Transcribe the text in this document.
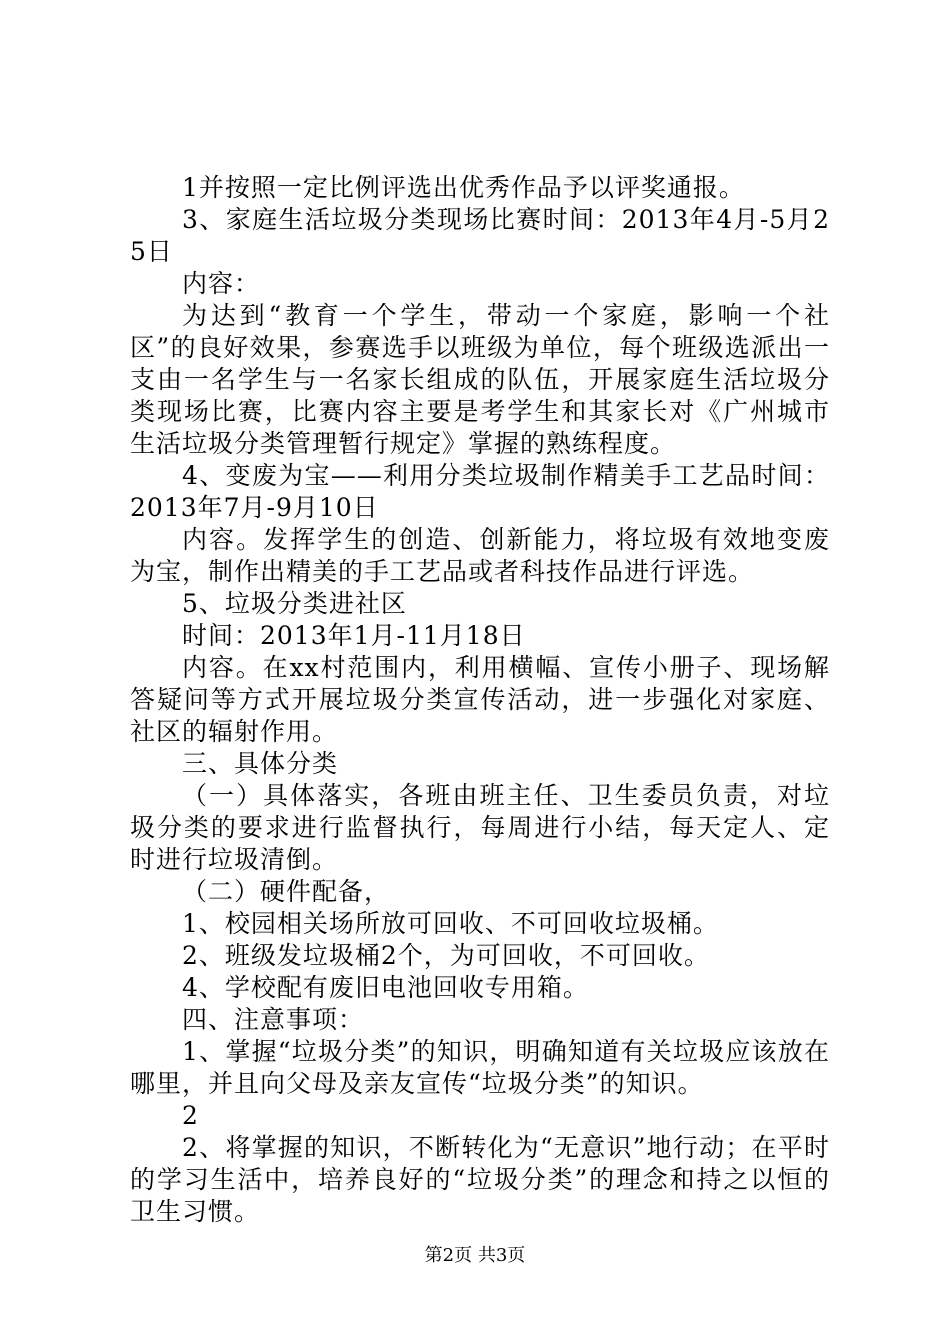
1并按照一定比例评选出优秀作品予以评奖通报。

3、家庭生活垃圾分类现场比赛时间：2013年4月-5月25日

内容：

为达到“教育一个学生，带动一个家庭，影响一个社区”的良好效果，参赛选手以班级为单位，每个班级选派出一支由一名学生与一名家长组成的队伍，开展家庭生活垃圾分类现场比赛，比赛内容主要是考学生和其家长对《广州城市生活垃圾分类管理暂行规定》掌握的熟练程度。

4、变废为宝——利用分类垃圾制作精美手工艺品时间：2013年7月-9月10日

内容。发挥学生的创造、创新能力，将垃圾有效地变废为宝，制作出精美的手工艺品或者科技作品进行评选。

5、垃圾分类进社区

时间：2013年1月-11月18日

内容。在xx村范围内，利用横幅、宣传小册子、现场解答疑问等方式开展垃圾分类宣传活动，进一步强化对家庭、社区的辐射作用。

三、具体分类

（一）具体落实，各班由班主任、卫生委员负责，对垃圾分类的要求进行监督执行，每周进行小结，每天定人、定时进行垃圾清倒。

（二）硬件配备，

1、校园相关场所放可回收、不可回收垃圾桶。

2、班级发垃圾桶2个，为可回收，不可回收。

4、学校配有废旧电池回收专用箱。

四、注意事项：

1、掌握“垃圾分类”的知识，明确知道有关垃圾应该放在哪里，并且向父母及亲友宣传“垃圾分类”的知识。

2

2、将掌握的知识，不断转化为“无意识”地行动；在平时的学习生活中，培养良好的“垃圾分类”的理念和持之以恒的卫生习惯。

第2页 共3页
